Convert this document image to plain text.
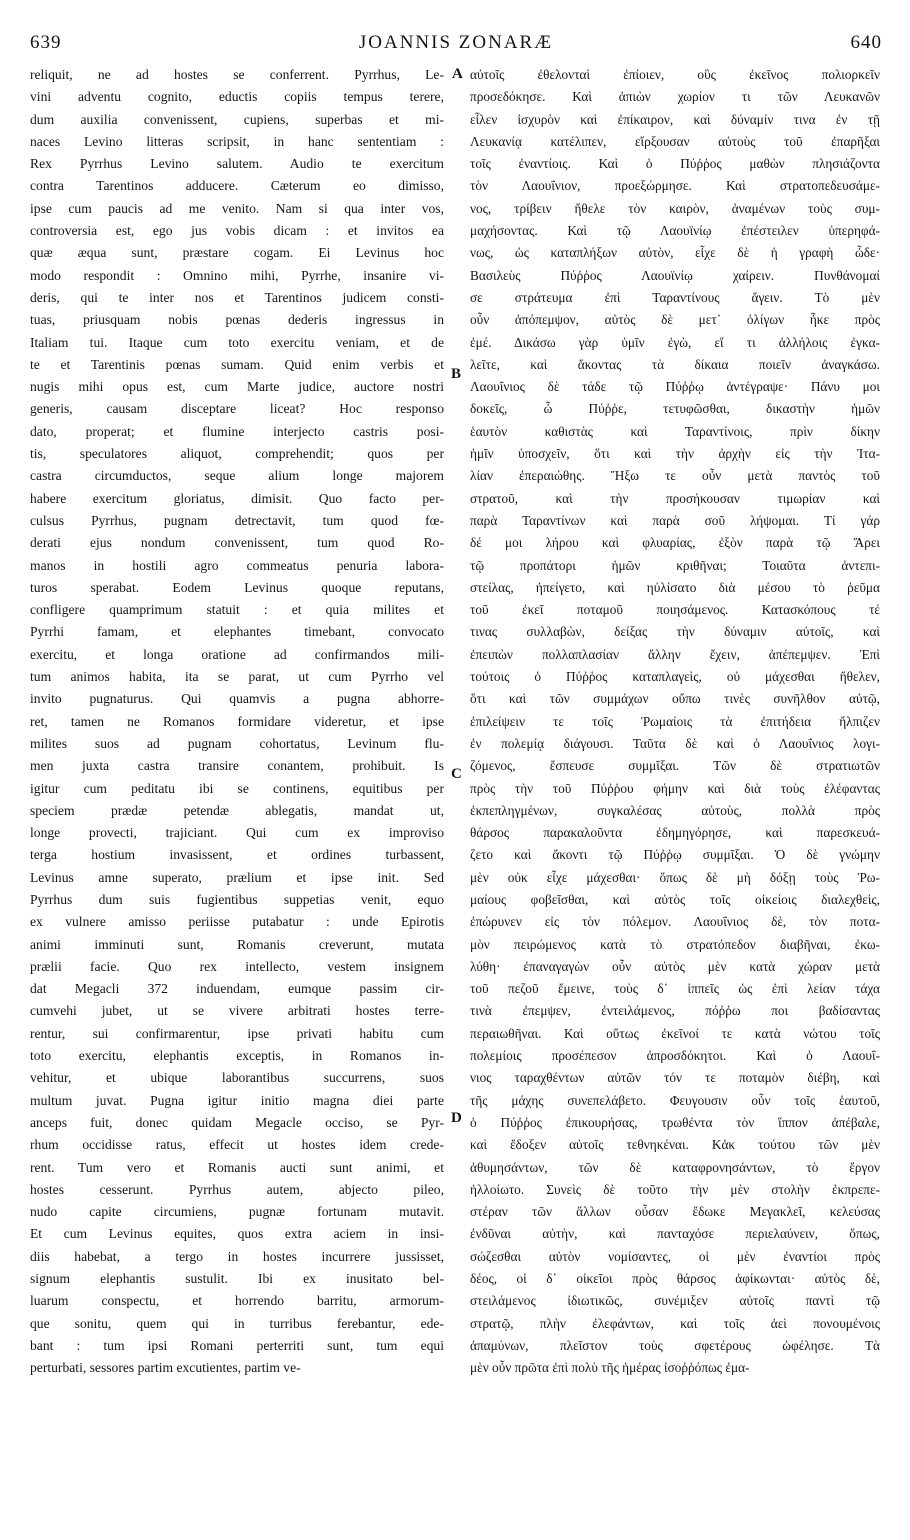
639	JOANNIS ZONARÆ	640
reliquit, ne ad hostes se conferrent. Pyrrhus, Le-
vini adventu cognito, eductis copiis tempus terere,
dum auxilia convenissent, cupiens, superbas et mi-
naces Levino litteras scripsit, in hanc sententiam :
Rex Pyrrhus Levino salutem. Audio te exercitum
contra Tarentinos adducere. Cæterum eo dimisso,
ipse cum paucis ad me venito. Nam si qua inter vos,
controversia est, ego jus vobis dicam : et invitos ea
quæ æqua sunt, præstare cogam. Ei Levinus hoc
modo respondit : Omnino mihi, Pyrrhe, insanire vi-
deris, qui te inter nos et Tarentinos judicem consti-
tuas, priusquam nobis pœnas dederis ingressus in
Italiam tui. Itaque cum toto exercitu veniam, et de
te et Tarentinis pœnas sumam. Quid enim verbis et
nugis mihi opus est, cum Marte judice, auctore nostri
generis, causam disceptare liceat? Hoc responso
dato, properat; et flumine interjecto castris posi-
tis, speculatores aliquot, comprehendit; quos per
castra circumductos, seque alium longe majorem
habere exercitum gloriatus, dimisit. Quo facto per-
culsus Pyrrhus, pugnam detrectavit, tum quod fœ-
derati ejus nondum convenissent, tum quod Ro-
manos in hostili agro commeatus penuria labora-
turos sperabat. Eodem Levinus quoque reputans,
confligere quamprimum statuit : et quia milites et
Pyrrhi famam, et elephantes timebant, convocato
exercitu, et longa oratione ad confirmandos mili-
tum animos habita, ita se parat, ut cum Pyrrho vel
invito pugnaturus. Qui quamvis a pugna abhorre-
ret, tamen ne Romanos formidare videretur, et ipse
milites suos ad pugnam cohortatus, Levinum flu-
men juxta castra transire conantem, prohibuit. Is
igitur cum peditatu ibi se continens, equitibus per
speciem prædæ petendæ ablegatis, mandat ut,
longe provecti, trajiciant. Qui cum ex improviso
terga hostium invasissent, et ordines turbassent,
Levinus amne superato, prælium et ipse init. Sed
Pyrrhus dum suis fugientibus suppetias venit, equo
ex vulnere amisso periisse putabatur : unde Epirotis
animi imminuti sunt, Romanis creverunt, mutata
prælii facie. Quo rex intellecto, vestem insignem
dat Megacli 372 induendam, eumque passim cir-
cumvehi jubet, ut se vivere arbitrati hostes terre-
rentur, sui confirmarentur, ipse privati habitu cum
toto exercitu, elephantis exceptis, in Romanos in-
vehitur, et ubique laborantibus succurrens, suos
multum juvat. Pugna igitur initio magna diei parte
anceps fuit, donec quidam Megacle occiso, se Pyr-
rhum occidisse ratus, effecit ut hostes idem crede-
rent. Tum vero et Romanis aucti sunt animi, et
hostes cesserunt. Pyrrhus autem, abjecto pileo,
nudo capite circumiens, pugnæ fortunam mutavit.
Et cum Levinus equites, quos extra aciem in insi-
diis habebat, a tergo in hostes incurrere jussisset,
signum elephantis sustulit. Ibi ex inusitato bel-
luarum conspectu, et horrendo barritu, armorum-
que sonitu, quem qui in turribus ferebantur, ede-
bant : tum ipsi Romani perterriti sunt, tum equi
perturbati, sessores partim excutientes, partim ve-
A
B
C
D
αὐτοῖς ἐθελονταὶ ἐπίοιεν, οὓς ἐκεῖνος πολιορκεῖν
προσεδόκησε. Καὶ ἀπιὼν χωρίον τι τῶν Λευκανῶν
εἷλεν ἰσχυρὸν καὶ ἐπίκαιρον, καὶ δύναμίν τινα ἐν τῇ
Λευκανίᾳ κατέλιπεν, εἴρξουσαν αὐτοὺς τοῦ ἐπαρῆξαι
τοῖς ἐναντίοις. Καὶ ὁ Πύῤῥος μαθὼν πλησιάζοντα
τὸν Λαουΐνιον, προεξώρμησε. Καὶ στρατοπεδευσάμε-
νος, τρίβειν ἤθελε τὸν καιρὸν, ἀναμένων τοὺς συμ-
μαχήσοντας. Καὶ τῷ Λαουϊνίῳ ἐπέστειλεν ὑπερηφά-
νως, ὡς καταπλήξων αὐτὸν, εἶχε δὲ ἡ γραφὴ ὧδε·
Βασιλεὺς Πύῤῥος Λαουϊνίῳ χαίρειν. Πυνθάνομαί
σε στράτευμα ἐπὶ Ταραντίνους ἄγειν. Τὸ μὲν
οὖν ἀπόπεμψον, αὐτὸς δὲ μετ᾽ ὀλίγων ἧκε πρὸς
ἐμέ. Δικάσω γὰρ ὑμῖν ἐγὼ, εἴ τι ἀλλήλοις ἐγκα-
λεῖτε, καὶ ἄκοντας τὰ δίκαια ποιεῖν ἀναγκάσω.
Λαουΐνιος δὲ τάδε τῷ Πύῤῥῳ ἀντέγραψε· Πάνυ μοι
δοκεῖς, ὦ Πύῤῥε, τετυφῶσθαι, δικαστὴν ἡμῶν
ἑαυτὸν καθιστὰς καὶ Ταραντίνοις, πρὶν δίκην
ἡμῖν ὑποσχεῖν, ὅτι καὶ τὴν ἀρχὴν εἰς τὴν Ἰτα-
λίαν ἐπεραιώθης. Ἥξω τε οὖν μετὰ παντὸς τοῦ
στρατοῦ, καὶ τὴν προσήκουσαν τιμωρίαν καὶ
παρὰ Ταραντίνων καὶ παρὰ σοῦ λήψομαι. Τί γάρ
δέ μοι λήρου καὶ φλυαρίας, ἐξὸν παρὰ τῷ Ἄρει
τῷ προπάτορι ἡμῶν κριθῆναι; Τοιαῦτα ἀντεπι-
στείλας, ἠπείγετο, καὶ ηὐλίσατο διὰ μέσου τὸ ῥεῦμα
τοῦ ἐκεῖ ποταμοῦ ποιησάμενος. Κατασκόπους τέ
τινας συλλαβὼν, δείξας τὴν δύναμιν αὐτοῖς, καὶ
ἐπειπὼν πολλαπλασίαν ἄλλην ἔχειν, ἀπέπεμψεν. Ἐπὶ
τούτοις ὁ Πύῤῥος καταπλαγεὶς, οὐ μάχεσθαι ἤθελεν,
ὅτι καὶ τῶν συμμάχων οὔπω τινὲς συνῆλθον αὐτῷ,
ἐπιλείψειν τε τοῖς Ῥωμαίοις τὰ ἐπιτήδεια ἤλπιζεν
ἐν πολεμίᾳ διάγουσι. Ταῦτα δὲ καὶ ὁ Λαουΐνιος λογι-
ζόμενος, ἔσπευσε συμμῖξαι. Τῶν δὲ στρατιωτῶν
πρὸς τὴν τοῦ Πύῤῥου φήμην καὶ διὰ τοὺς ἐλέφαντας
ἐκπεπληγμένων, συγκαλέσας αὐτοὺς, πολλὰ πρὸς
θάρσος παρακαλοῦντα ἐδημηγόρησε, καὶ παρεσκευά-
ζετο καὶ ἄκοντι τῷ Πύῤῥῳ συμμῖξαι. Ὁ δὲ γνώμην
μὲν οὐκ εἶχε μάχεσθαι· ὅπως δὲ μὴ δόξῃ τοὺς Ῥω-
μαίους φοβεῖσθαι, καὶ αὐτὸς τοῖς οἰκείοις διαλεχθεὶς,
ἐπώρυνεν εἰς τὸν πόλεμον. Λαουΐνιος δὲ, τὸν ποτα-
μὸν πειρώμενος κατὰ τὸ στρατόπεδον διαβῆναι, ἐκω-
λύθη· ἐπαναγαγὼν οὖν αὐτὸς μὲν κατὰ χώραν μετὰ
τοῦ πεζοῦ ἔμεινε, τοὺς δ᾽ ἱππεῖς ὡς ἐπὶ λείαν τάχα
τινὰ ἐπεμψεν, ἐντειλάμενος, πόῤῥω ποι βαδίσαντας
περαιωθῆναι. Καὶ οὕτως ἐκεῖνοί τε κατὰ νώτου τοῖς
πολεμίοις προσέπεσον ἀπροσδόκητοι. Καὶ ὁ Λαουΐ-
νιος ταραχθέντων αὐτῶν τόν τε ποταμὸν διέβη, καὶ
τῆς μάχης συνεπελάβετο. Φευγουσιν οὖν τοῖς ἑαυτοῦ,
ὁ Πύῤῥος ἐπικουρήσας, τρωθέντα τὸν ἵππον ἀπέβαλε,
καὶ ἔδοξεν αὐτοῖς τεθνηκέναι. Κἀκ τούτου τῶν μὲν
ἀθυμησάντων, τῶν δὲ καταφρονησάντων, τὸ ἔργον
ἠλλοίωτο. Συνεὶς δὲ τοῦτο τὴν μὲν στολὴν ἐκπρεπε-
στέραν τῶν ἄλλων οὖσαν ἔδωκε Μεγακλεῖ, κελεύσας
ἐνδῦναι αὐτὴν, καὶ πανταχόσε περιελαύνειν, ὅπως,
σώζεσθαι αὐτὸν νομίσαντες, οἱ μὲν ἐναντίοι πρὸς
δέος, οἱ δ᾽ οἰκεῖοι πρὸς θάρσος ἀφίκωνται· αὐτὸς δὲ,
στειλάμενος ἰδιωτικῶς, συνέμιξεν αὐτοῖς παντὶ τῷ
στρατῷ, πλὴν ἐλεφάντων, καὶ τοῖς ἀεὶ πονουμένοις
ἀπαμύνων, πλεῖστον τοὺς σφετέρους ὠφέλησε. Τὰ
μὲν οὖν πρῶτα ἐπὶ πολὺ τῆς ἡμέρας ἰσοῤῥόπως ἐμα-
